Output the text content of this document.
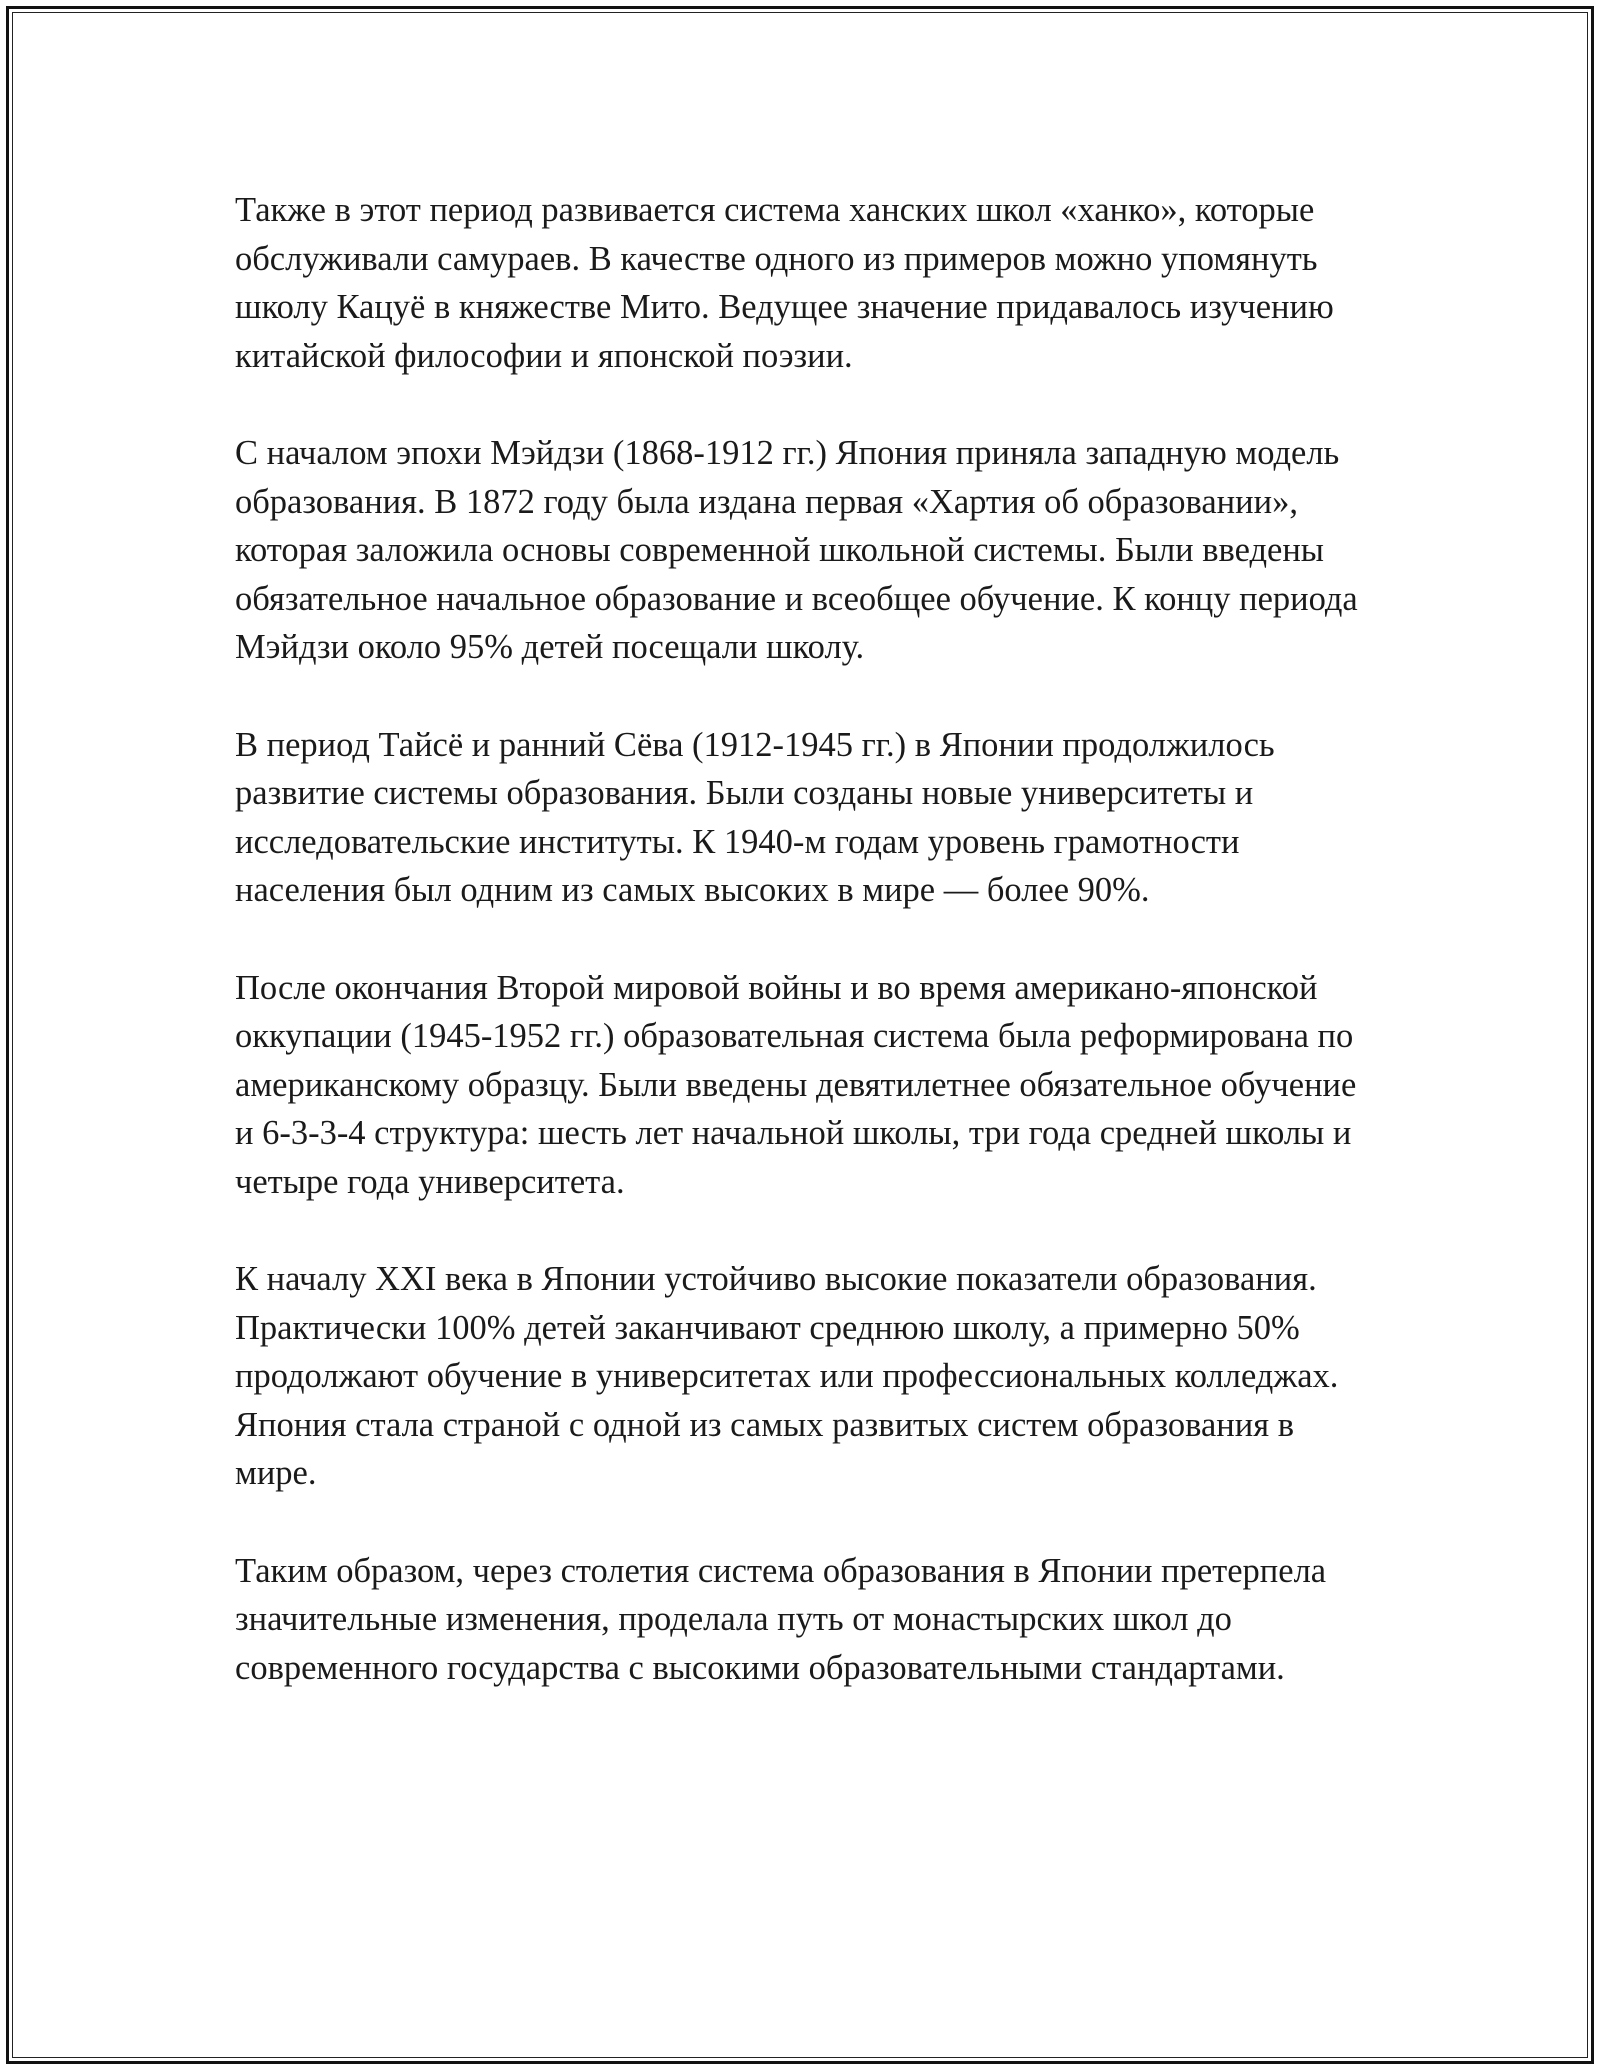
Также в этот период развивается система ханских школ «ханко», которые обслуживали самураев. В качестве одного из примеров можно упомянуть школу Кацуё в княжестве Мито. Ведущее значение придавалось изучению китайской философии и японской поэзии.

С началом эпохи Мэйдзи (1868-1912 гг.) Япония приняла западную модель образования. В 1872 году была издана первая «Хартия об образовании», которая заложила основы современной школьной системы. Были введены обязательное начальное образование и всеобщее обучение. К концу периода Мэйдзи около 95% детей посещали школу.

В период Тайсё и ранний Сёва (1912-1945 гг.) в Японии продолжилось развитие системы образования. Были созданы новые университеты и исследовательские институты. К 1940-м годам уровень грамотности населения был одним из самых высоких в мире — более 90%.

После окончания Второй мировой войны и во время американо-японской оккупации (1945-1952 гг.) образовательная система была реформирована по американскому образцу. Были введены девятилетнее обязательное обучение и 6-3-3-4 структура: шесть лет начальной школы, три года средней школы и четыре года университета.

К началу XXI века в Японии устойчиво высокие показатели образования. Практически 100% детей заканчивают среднюю школу, а примерно 50% продолжают обучение в университетах или профессиональных колледжах. Япония стала страной с одной из самых развитых систем образования в мире.

Таким образом, через столетия система образования в Японии претерпела значительные изменения, проделала путь от монастырских школ до современного государства с высокими образовательными стандартами.
